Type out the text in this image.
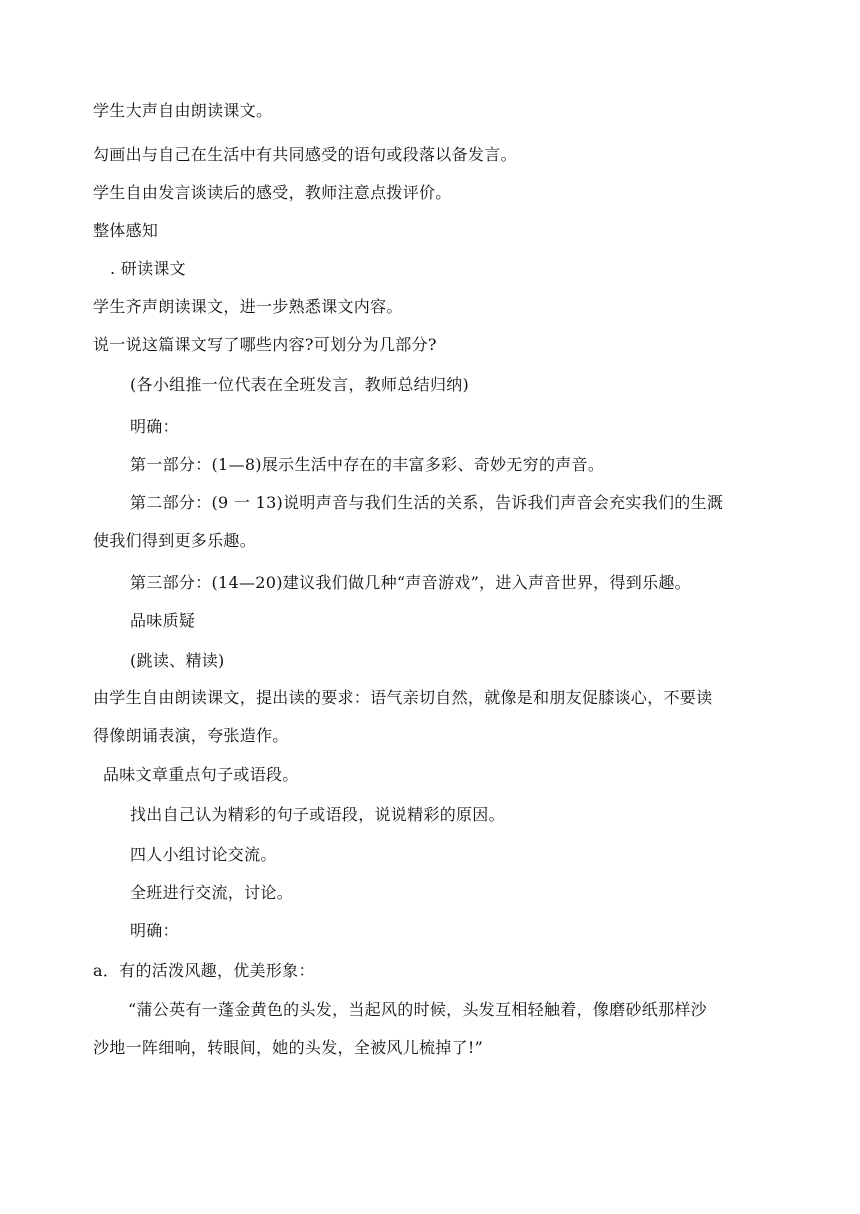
学生大声自由朗读课文。
勾画出与自己在生活中有共同感受的语句或段落以备发言。
学生自由发言谈读后的感受，教师注意点拨评价。
整体感知
. 研读课文
学生齐声朗读课文，进一步熟悉课文内容。
说一说这篇课文写了哪些内容?可划分为几部分?
(各小组推一位代表在全班发言，教师总结归纳)
明确：
第一部分：(1—8)展示生活中存在的丰富多彩、奇妙无穷的声音。
第二部分：(9 一 13)说明声音与我们生活的关系，告诉我们声音会充实我们的生溉
使我们得到更多乐趣。
第三部分：(14—20)建议我们做几种“声音游戏”，进入声音世界，得到乐趣。
品味质疑
(跳读、精读)
由学生自由朗读课文，提出读的要求：语气亲切自然，就像是和朋友促膝谈心，不要读
得像朗诵表演，夸张造作。
品味文章重点句子或语段。
找出自己认为精彩的句子或语段，说说精彩的原因。
四人小组讨论交流。
全班进行交流，讨论。
明确：
a．有的活泼风趣，优美形象：
“蒲公英有一蓬金黄色的头发，当起风的时候，头发互相轻触着，像磨砂纸那样沙
沙地一阵细响，转眼间，她的头发，全被风儿梳掉了!”
